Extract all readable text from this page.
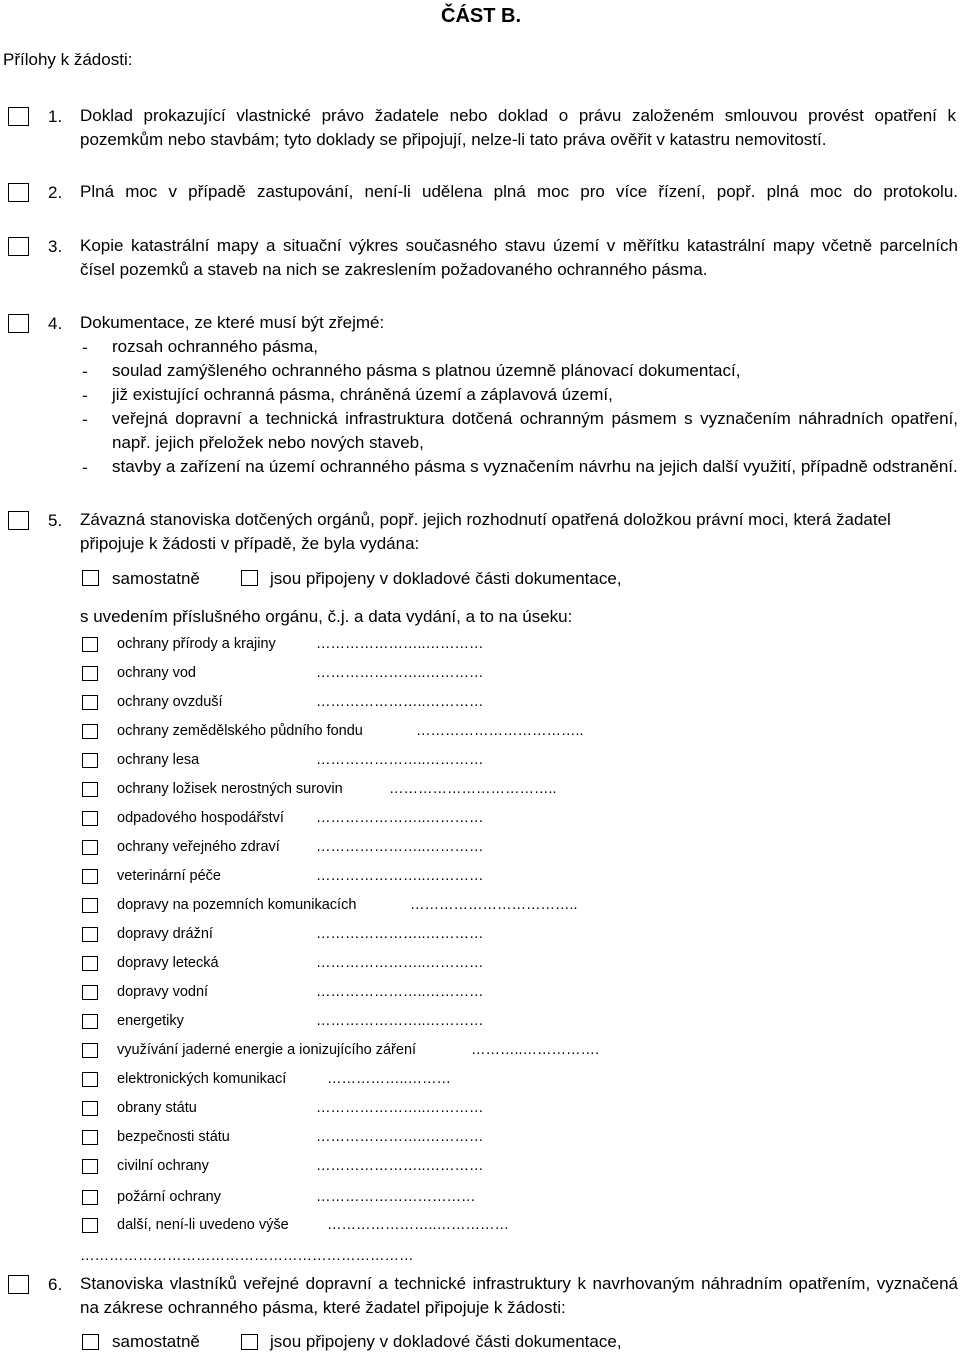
ČÁST B.
Přílohy k žádosti:
1. Doklad prokazující vlastnické právo žadatele nebo doklad o právu založeném smlouvou provést opatření k pozemkům nebo stavbám; tyto doklady se připojují, nelze-li tato práva ověřit v katastru nemovitostí.
2. Plná moc v případě zastupování, není-li udělena plná moc pro více řízení, popř. plná moc do protokolu.
3. Kopie katastrální mapy a situační výkres současného stavu území v měřítku katastrální mapy včetně parcelních čísel pozemků a staveb na nich se zakreslením požadovaného ochranného pásma.
4. Dokumentace, ze které musí být zřejmé:
- rozsah ochranného pásma,
- soulad zamýšleného ochranného pásma s platnou územně plánovací dokumentací,
- již existující ochranná pásma, chráněná území a záplavová území,
- veřejná dopravní a technická infrastruktura dotčená ochranným pásmem s vyznačením náhradních opatření, např. jejich přeložek nebo nových staveb,
- stavby a zařízení na území ochranného pásma s vyznačením návrhu na jejich další využití, případně odstranění.
5. Závazná stanoviska dotčených orgánů, popř. jejich rozhodnutí opatřená doložkou právní moci, která žadatel připojuje k žádosti v případě, že byla vydána:
samostatně	jsou připojeny v dokladové části dokumentace,
s uvedením příslušného orgánu, č.j. a data vydání, a to na úseku:
ochrany přírody a krajiny	…………………..…………
ochrany vod	…………………..…………
ochrany ovzduší	…………………..…………
ochrany zemědělského půdního fondu	……………………………..
ochrany lesa	…………………..…………
ochrany ložisek nerostných surovin	……………………………..
odpadového hospodářství …………………..…………
ochrany veřejného zdraví …………………..…………
veterinární péče	…………………..…………
dopravy na pozemních komunikacích	……………………………..
dopravy drážní	…………………..…………
dopravy letecká	…………………..…………
dopravy vodní	…………………..…………
energetiky	…………………..…………
využívání jaderné energie a ionizujícího záření	………..…………….
elektronických komunikací	……………..………
obrany státu	…………………..…………
bezpečnosti státu	…………………..…………
civilní ochrany	…………………..…………
požární ochrany	……………………………
další, není-li uvedeno výše	…………………..……………
……………………………………………………………
6. Stanoviska vlastníků veřejné dopravní a technické infrastruktury k navrhovaným náhradním opatřením, vyznačená na zákrese ochranného pásma, které žadatel připojuje k žádosti:
samostatně	jsou připojeny v dokladové části dokumentace,
